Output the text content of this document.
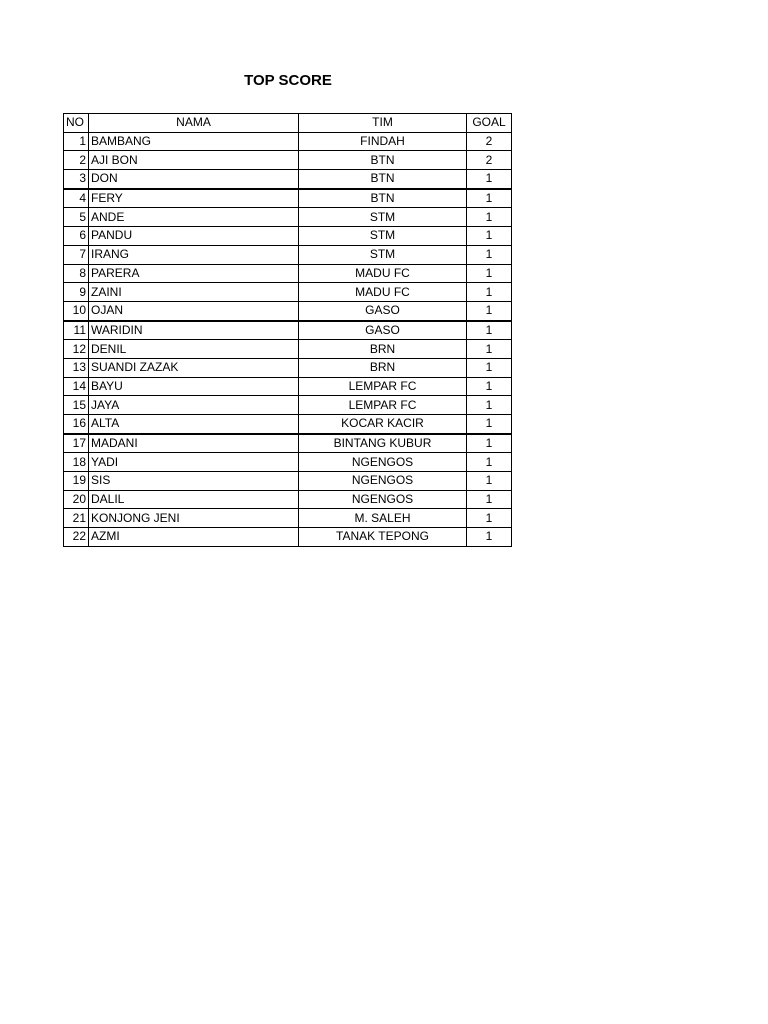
TOP SCORE
NO	NAMA	TIM	GOAL
1	BAMBANG	FINDAH	2
2	AJI BON	BTN	2
3	DON	BTN	1
4	FERY	BTN	1
5	ANDE	STM	1
6	PANDU	STM	1
7	IRANG	STM	1
8	PARERA	MADU FC	1
9	ZAINI	MADU FC	1
10	OJAN	GASO	1
11	WARIDIN	GASO	1
12	DENIL	BRN	1
13	SUANDI ZAZAK	BRN	1
14	BAYU	LEMPAR FC	1
15	JAYA	LEMPAR FC	1
16	ALTA	KOCAR KACIR	1
17	MADANI	BINTANG KUBUR	1
18	YADI	NGENGOS	1
19	SIS	NGENGOS	1
20	DALIL	NGENGOS	1
21	KONJONG JENI	M. SALEH	1
22	AZMI	TANAK TEPONG	1
